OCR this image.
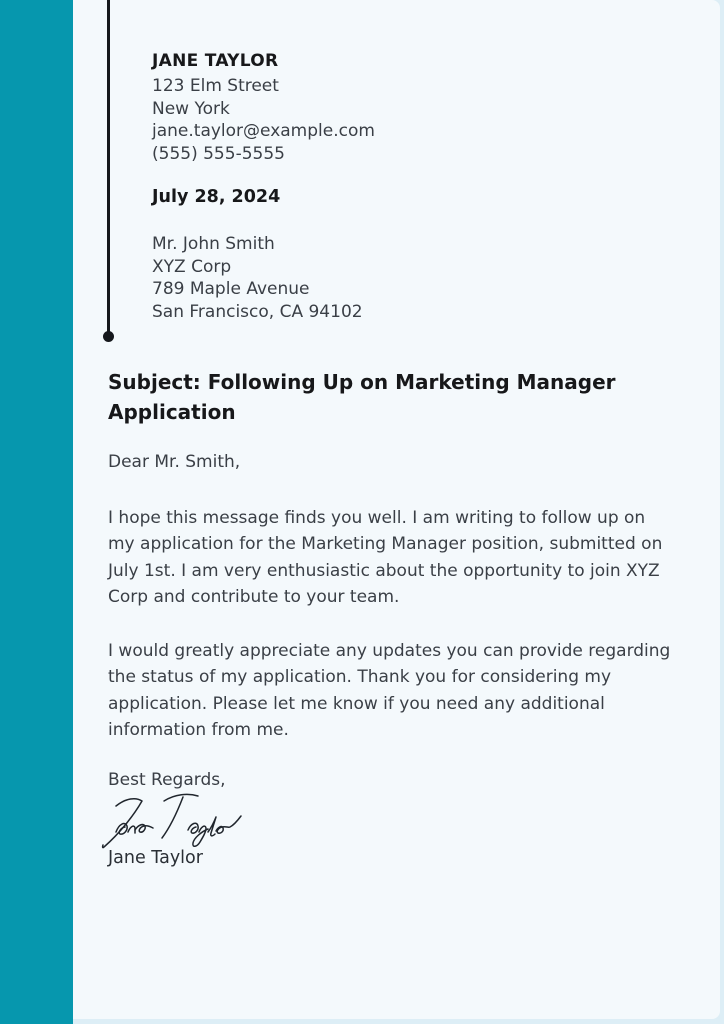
JANE TAYLOR
123 Elm Street
New York
jane.taylor@example.com
(555) 555-5555
July 28, 2024
Mr. John Smith
XYZ Corp
789 Maple Avenue
San Francisco, CA 94102
Subject: Following Up on Marketing Manager
Application
Dear Mr. Smith,
I hope this message finds you well. I am writing to follow up on
my application for the Marketing Manager position, submitted on
July 1st. I am very enthusiastic about the opportunity to join XYZ
Corp and contribute to your team.
I would greatly appreciate any updates you can provide regarding
the status of my application. Thank you for considering my
application. Please let me know if you need any additional
information from me.
Best Regards,
Jane Taylor
